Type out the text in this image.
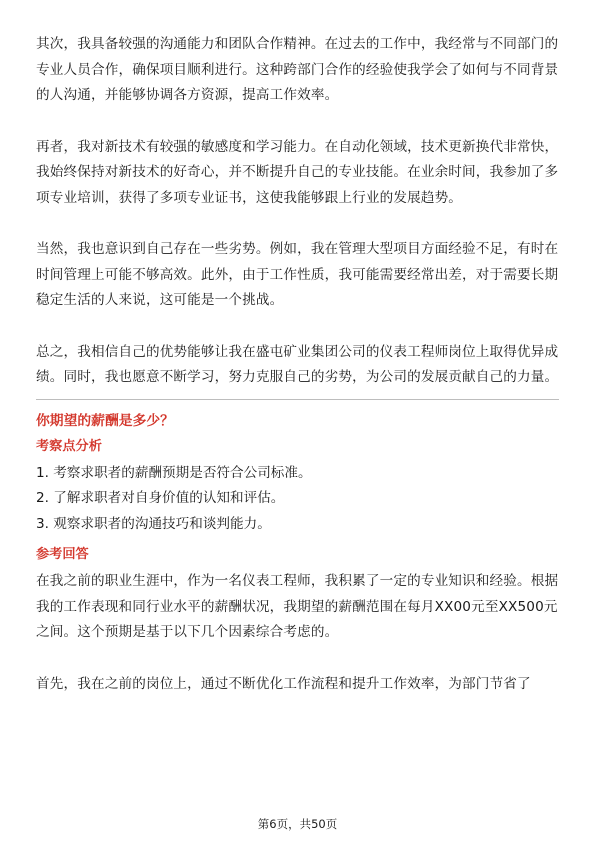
其次，我具备较强的沟通能力和团队合作精神。在过去的工作中，我经常与不同部门的专业人员合作，确保项目顺利进行。这种跨部门合作的经验使我学会了如何与不同背景的人沟通，并能够协调各方资源，提高工作效率。

再者，我对新技术有较强的敏感度和学习能力。在自动化领域，技术更新换代非常快，我始终保持对新技术的好奇心，并不断提升自己的专业技能。在业余时间，我参加了多项专业培训，获得了多项专业证书，这使我能够跟上行业的发展趋势。

当然，我也意识到自己存在一些劣势。例如，我在管理大型项目方面经验不足，有时在时间管理上可能不够高效。此外，由于工作性质，我可能需要经常出差，对于需要长期稳定生活的人来说，这可能是一个挑战。

总之，我相信自己的优势能够让我在盛屯矿业集团公司的仪表工程师岗位上取得优异成绩。同时，我也愿意不断学习，努力克服自己的劣势，为公司的发展贡献自己的力量。

你期望的薪酬是多少？
考察点分析

1. 考察求职者的薪酬预期是否符合公司标准。

2. 了解求职者对自身价值的认知和评估。

3. 观察求职者的沟通技巧和谈判能力。

参考回答

在我之前的职业生涯中，作为一名仪表工程师，我积累了一定的专业知识和经验。根据我的工作表现和同行业水平的薪酬状况，我期望的薪酬范围在每月XX00元至XX500元之间。这个预期是基于以下几个因素综合考虑的。

首先，我在之前的岗位上，通过不断优化工作流程和提升工作效率，为部门节省了

第6页，共50页
